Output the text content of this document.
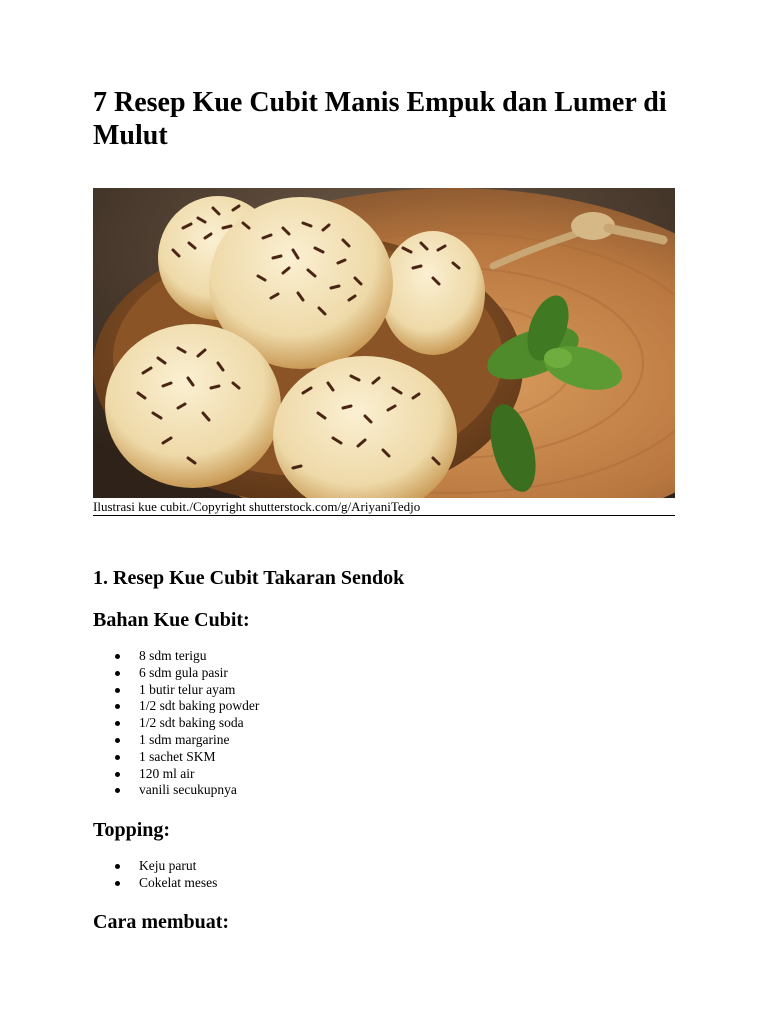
7 Resep Kue Cubit Manis Empuk dan Lumer di Mulut
Ilustrasi kue cubit./Copyright shutterstock.com/g/AriyaniTedjo
1. Resep Kue Cubit Takaran Sendok
Bahan Kue Cubit:
8 sdm terigu
6 sdm gula pasir
1 butir telur ayam
1/2 sdt baking powder
1/2 sdt baking soda
1 sdm margarine
1 sachet SKM
120 ml air
vanili secukupnya
Topping:
Keju parut
Cokelat meses
Cara membuat:
